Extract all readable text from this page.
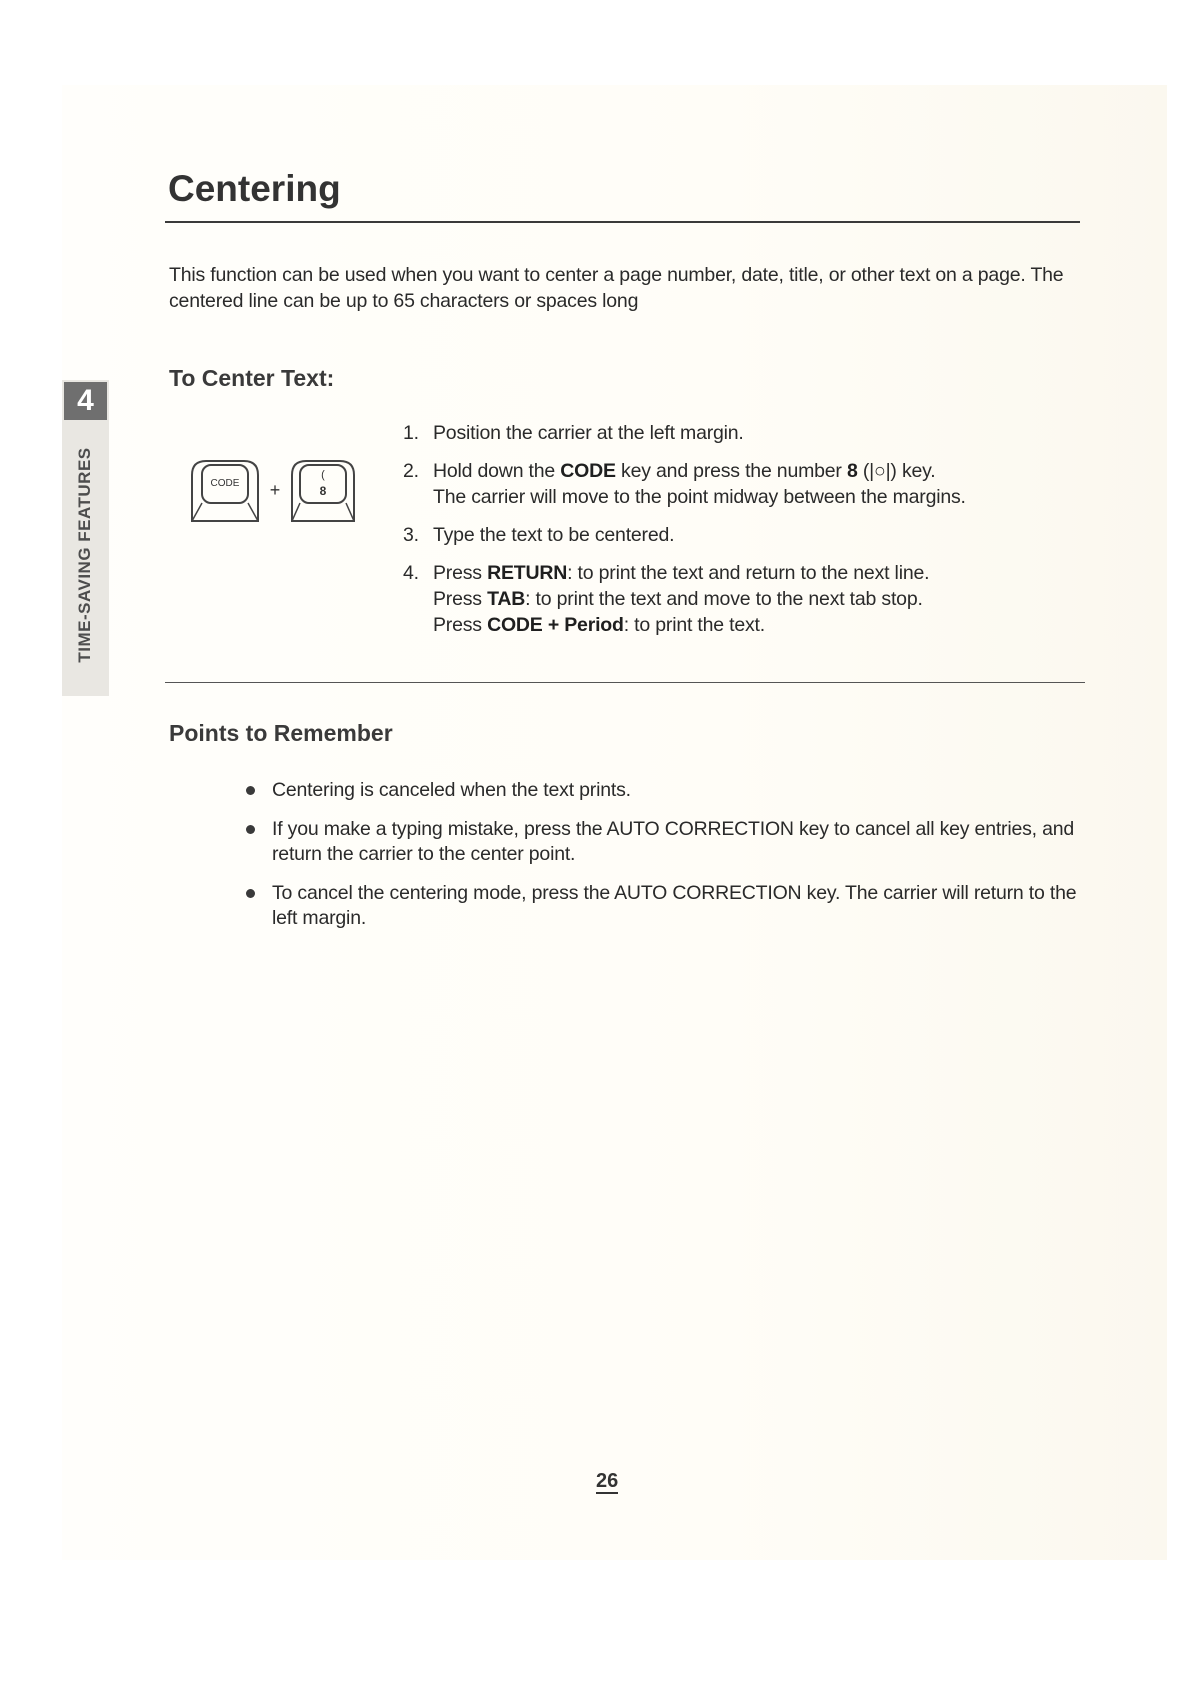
4
TIME-SAVING FEATURES
Centering

This function can be used when you want to center a page number, date, title, or other text on a page. The centered line can be up to 65 characters or spaces long

To Center Text:
CODE +
(
8
1. Position the carrier at the left margin.

2. Hold down the CODE key and press the number 8 (|○|) key.

The carrier will move to the point midway between the margins.

3. Type the text to be centered.

4. Press RETURN: to print the text and return to the next line.

Press TAB: to print the text and move to the next tab stop.

Press CODE + Period: to print the text.

Points to Remember

Centering is canceled when the text prints.

If you make a typing mistake, press the AUTO CORRECTION key to cancel all key entries, and return the carrier to the center point.

To cancel the centering mode, press the AUTO CORRECTION key. The carrier will return to the left margin.

26
